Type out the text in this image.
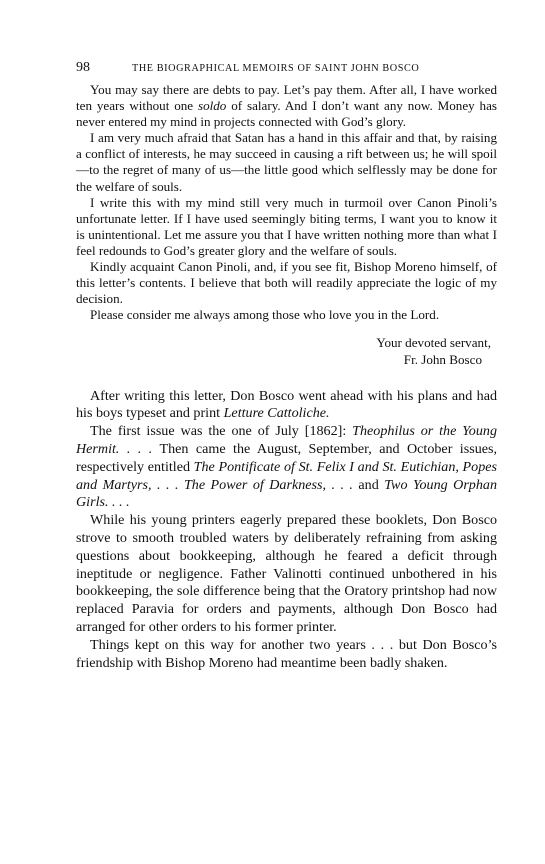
98	THE BIOGRAPHICAL MEMOIRS OF SAINT JOHN BOSCO

You may say there are debts to pay. Let’s pay them. After all, I have worked ten years without one soldo of salary. And I don’t want any now. Money has never entered my mind in projects connected with God’s glory.

I am very much afraid that Satan has a hand in this affair and that, by raising a conflict of interests, he may succeed in causing a rift between us; he will spoil—to the regret of many of us—the little good which selflessly may be done for the welfare of souls.

I write this with my mind still very much in turmoil over Canon Pinoli’s unfortunate letter. If I have used seemingly biting terms, I want you to know it is unintentional. Let me assure you that I have written nothing more than what I feel redounds to God’s greater glory and the welfare of souls.

Kindly acquaint Canon Pinoli, and, if you see fit, Bishop Moreno himself, of this letter’s contents. I believe that both will readily appreciate the logic of my decision.

Please consider me always among those who love you in the Lord.

Your devoted servant,
Fr. John Bosco

After writing this letter, Don Bosco went ahead with his plans and had his boys typeset and print Letture Cattoliche.

The first issue was the one of July [1862]: Theophilus or the Young Hermit. . . . Then came the August, September, and October issues, respectively entitled The Pontificate of St. Felix I and St. Eutichian, Popes and Martyrs, . . . The Power of Darkness, . . . and Two Young Orphan Girls. . . .

While his young printers eagerly prepared these booklets, Don Bosco strove to smooth troubled waters by deliberately refraining from asking questions about bookkeeping, although he feared a deficit through ineptitude or negligence. Father Valinotti continued unbothered in his bookkeeping, the sole difference being that the Oratory printshop had now replaced Paravia for orders and payments, although Don Bosco had arranged for other orders to his former printer.

Things kept on this way for another two years . . . but Don Bosco’s friendship with Bishop Moreno had meantime been badly shaken.
